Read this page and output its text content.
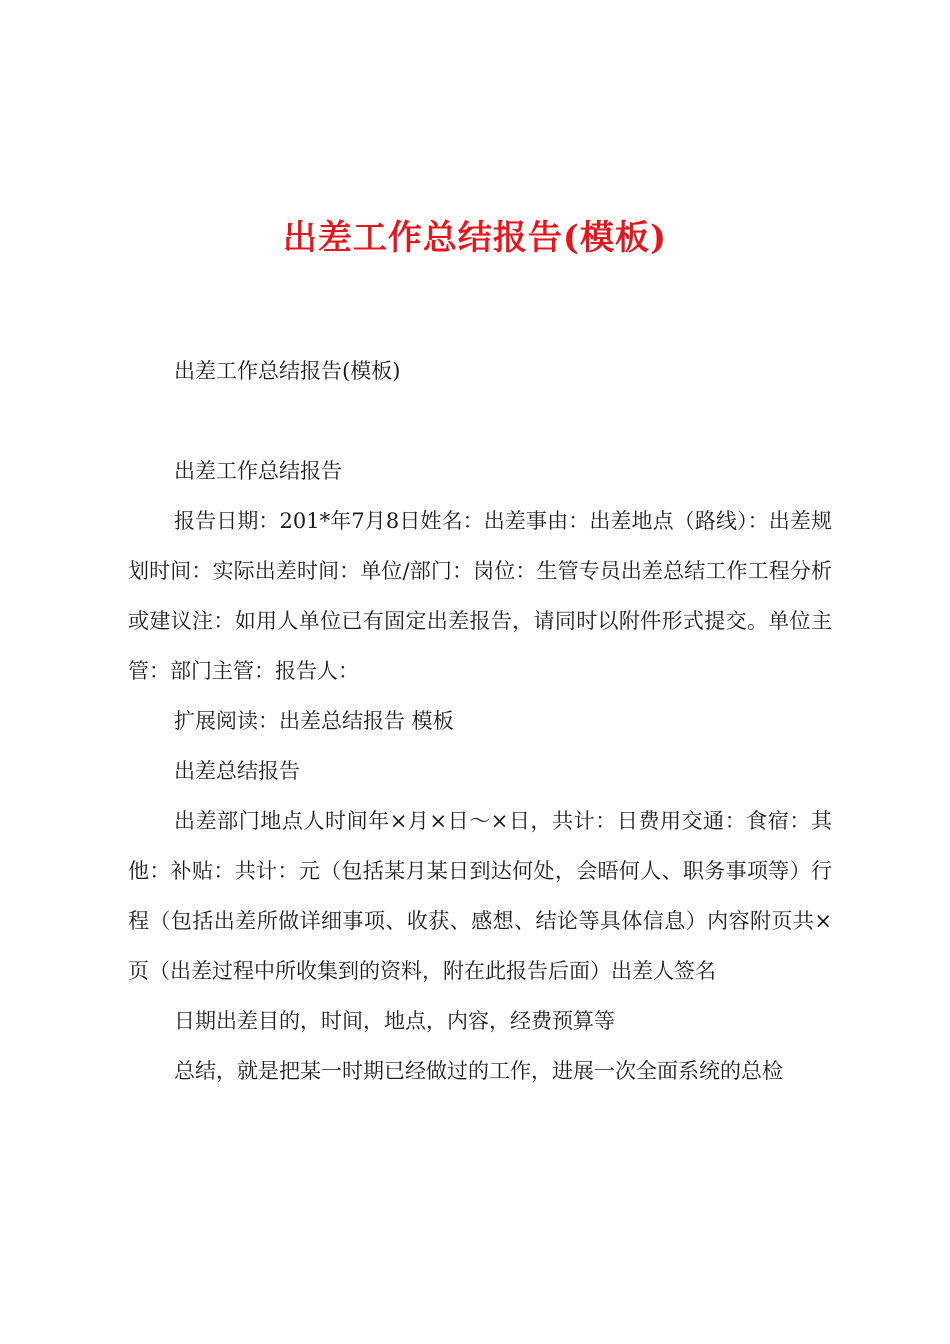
出差工作总结报告(模板)

出差工作总结报告(模板)

出差工作总结报告

报告日期：201*年7月8日姓名：出差事由：出差地点（路线）：出差规划时间：实际出差时间：单位/部门：岗位：生管专员出差总结工作工程分析或建议注：如用人单位已有固定出差报告，请同时以附件形式提交。单位主管：部门主管：报告人：

扩展阅读：出差总结报告 模板

出差总结报告

出差部门地点人时间年×月×日～×日，共计：日费用交通：食宿：其他：补贴：共计：元（包括某月某日到达何处，会晤何人、职务事项等）行程（包括出差所做详细事项、收获、感想、结论等具体信息）内容附页共×页（出差过程中所收集到的资料，附在此报告后面）出差人签名

日期出差目的，时间，地点，内容，经费预算等

总结，就是把某一时期已经做过的工作，进展一次全面系统的总检
